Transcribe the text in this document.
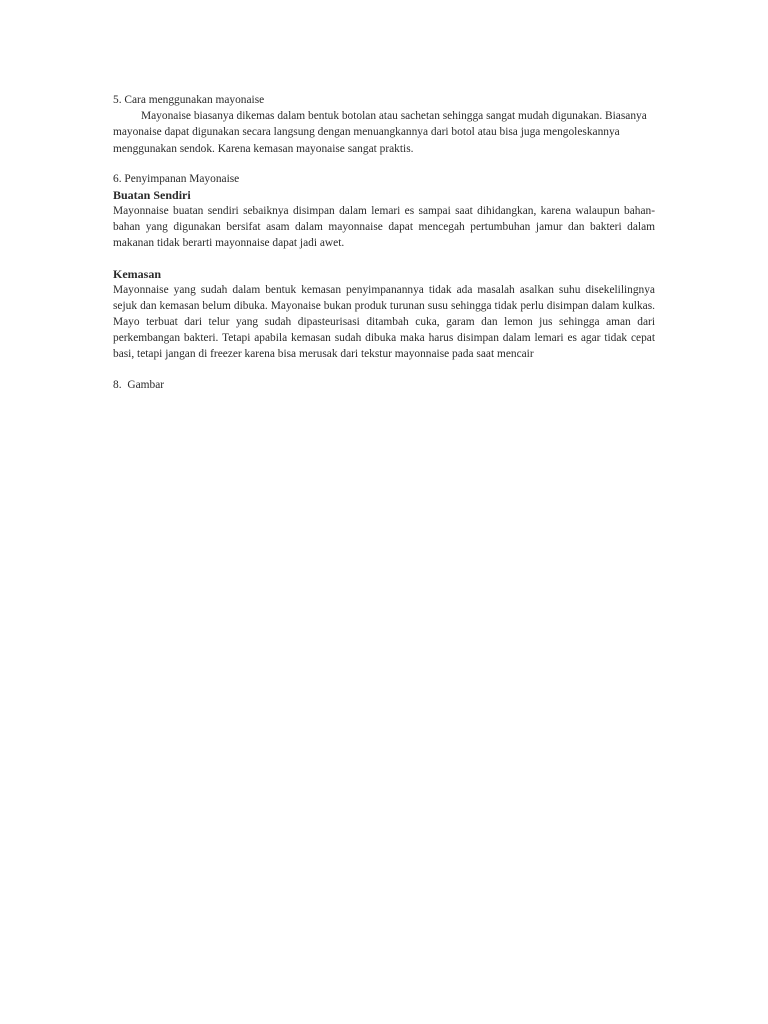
5. Cara menggunakan mayonaise

Mayonaise biasanya dikemas dalam bentuk botolan atau sachetan sehingga sangat mudah digunakan. Biasanya mayonaise dapat digunakan secara langsung dengan menuangkannya dari botol atau bisa juga mengoleskannya menggunakan sendok. Karena kemasan mayonaise sangat praktis.

6. Penyimpanan Mayonaise

Buatan Sendiri

Mayonnaise buatan sendiri sebaiknya disimpan dalam lemari es sampai saat dihidangkan, karena walaupun bahan-bahan yang digunakan bersifat asam dalam mayonnaise dapat mencegah pertumbuhan jamur dan bakteri dalam makanan tidak berarti mayonnaise dapat jadi awet.

Kemasan

Mayonnaise yang sudah dalam bentuk kemasan penyimpanannya tidak ada masalah asalkan suhu disekelilingnya sejuk dan kemasan belum dibuka. Mayonaise bukan produk turunan susu sehingga tidak perlu disimpan dalam kulkas. Mayo terbuat dari telur yang sudah dipasteurisasi ditambah cuka, garam dan lemon jus sehingga aman dari perkembangan bakteri. Tetapi apabila kemasan sudah dibuka maka harus disimpan dalam lemari es agar tidak cepat basi, tetapi jangan di freezer karena bisa merusak dari tekstur mayonnaise pada saat mencair

8. Gambar
